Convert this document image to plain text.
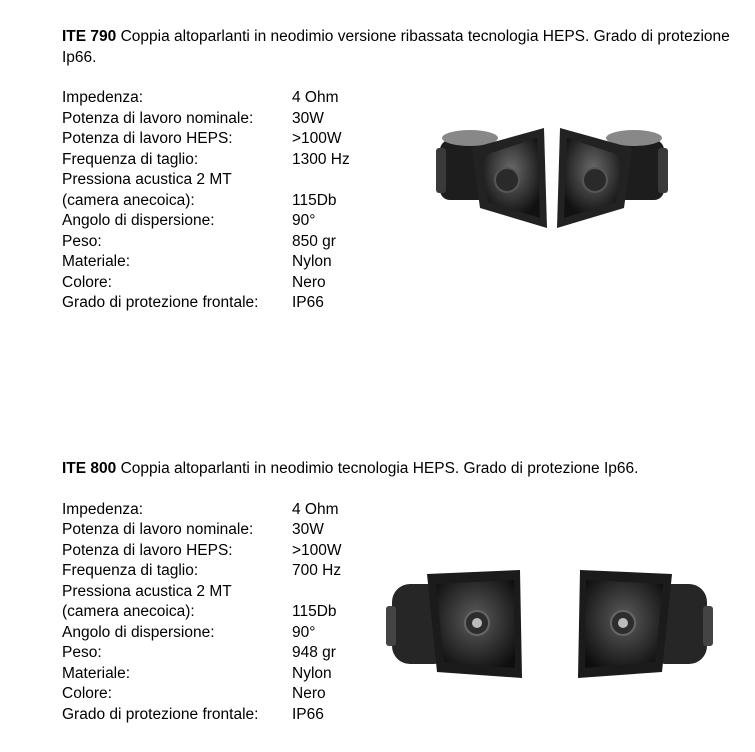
ITE 790 Coppia altoparlanti in neodimio versione ribassata tecnologia HEPS. Grado di protezione Ip66.
Impedenza:	4 Ohm
Potenza di lavoro nominale:	30W
Potenza di lavoro HEPS:	>100W
Frequenza di taglio:	1300 Hz
Pressiona acustica 2 MT	
(camera anecoica):	115Db
Angolo di dispersione:	90°
Peso:	850 gr
Materiale:	Nylon
Colore:	Nero
Grado di protezione frontale:	IP66
ITE 800 Coppia altoparlanti in neodimio tecnologia HEPS. Grado di protezione Ip66.
Impedenza:	4 Ohm
Potenza di lavoro nominale:	30W
Potenza di lavoro HEPS:	>100W
Frequenza di taglio:	700 Hz
Pressiona acustica 2 MT	
(camera anecoica):	115Db
Angolo di dispersione:	90°
Peso:	948 gr
Materiale:	Nylon
Colore:	Nero
Grado di protezione frontale:	IP66
